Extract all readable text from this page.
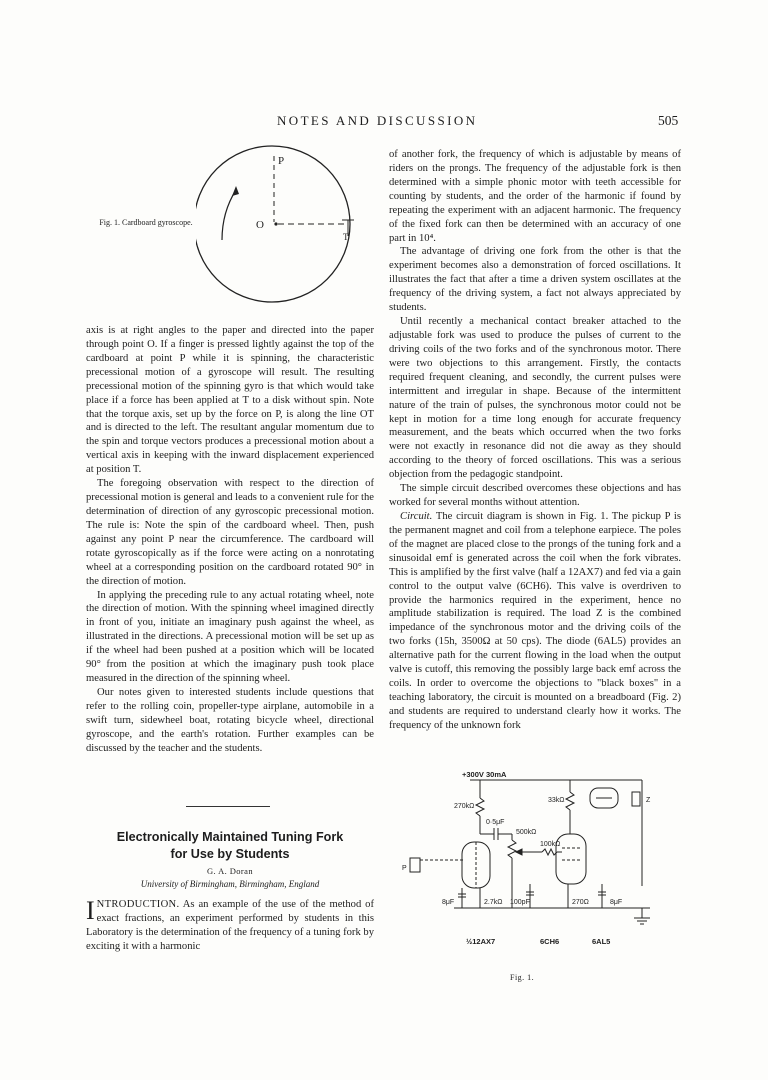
NOTES AND DISCUSSION	505
P
O
T
Fig. 1. Cardboard gyroscope.

axis is at right angles to the paper and directed into the paper through point O. If a finger is pressed lightly against the top of the cardboard at point P while it is spinning, the characteristic precessional motion of a gyroscope will result. The resulting precessional motion of the spinning gyro is that which would take place if a force has been applied at T to a disk without spin. Note that the torque axis, set up by the force on P, is along the line OT and is directed to the left. The resultant angular momentum due to the spin and torque vectors produces a precessional motion about a vertical axis in keeping with the inward displacement experienced at position T.

The foregoing observation with respect to the direction of precessional motion is general and leads to a convenient rule for the determination of direction of any gyroscopic precessional motion. The rule is: Note the spin of the cardboard wheel. Then, push against any point P near the circumference. The cardboard will rotate gyroscopically as if the force were acting on a nonrotating wheel at a corresponding position on the cardboard rotated 90° in the direction of motion.

In applying the preceding rule to any actual rotating wheel, note the direction of motion. With the spinning wheel imagined directly in front of you, initiate an imaginary push against the wheel, as illustrated in the directions. A precessional motion will be set up as if the wheel had been pushed at a position which will be located 90° from the position at which the imaginary push took place measured in the direction of the spinning wheel.

Our notes given to interested students include questions that refer to the rolling coin, propeller-type airplane, automobile in a swift turn, sidewheel boat, rotating bicycle wheel, directional gyroscope, and the earth's rotation. Further examples can be discussed by the teacher and the students.

Electronically Maintained Tuning Fork
for Use by Students
G. A. Doran
University of Birmingham, Birmingham, England

INTRODUCTION. As an example of the use of the method of exact fractions, an experiment performed by students in this Laboratory is the determination of the frequency of a tuning fork by exciting it with a harmonic

of another fork, the frequency of which is adjustable by means of riders on the prongs. The frequency of the adjustable fork is then determined with a simple phonic motor with teeth accessible for counting by students, and the order of the harmonic if found by repeating the experiment with an adjacent harmonic. The frequency of the fixed fork can then be determined with an accuracy of one part in 10⁴.

The advantage of driving one fork from the other is that the experiment becomes also a demonstration of forced oscillations. It illustrates the fact that after a time a driven system oscillates at the frequency of the driving system, a fact not always appreciated by students.

Until recently a mechanical contact breaker attached to the adjustable fork was used to produce the pulses of current to the driving coils of the two forks and of the synchronous motor. There were two objections to this arrangement. Firstly, the contacts required frequent cleaning, and secondly, the current pulses were intermittent and irregular in shape. Because of the intermittent nature of the train of pulses, the synchronous motor could not be kept in motion for a time long enough for accurate frequency measurement, and the beats which occurred when the two forks were not exactly in resonance did not die away as they should according to the theory of forced oscillations. This was a serious objection from the pedagogic standpoint.

The simple circuit described overcomes these objections and has worked for several months without attention.

Circuit. The circuit diagram is shown in Fig. 1. The pickup P is the permanent magnet and coil from a telephone earpiece. The poles of the magnet are placed close to the prongs of the tuning fork and a sinusoidal emf is generated across the coil when the fork vibrates. This is amplified by the first valve (half a 12AX7) and fed via a gain control to the output valve (6CH6). This valve is overdriven to provide the harmonics required in the experiment, hence no amplitude stabilization is required. The load Z is the combined impedance of the synchronous motor and the driving coils of the two forks (15h, 3500Ω at 50 cps). The diode (6AL5) provides an alternative path for the current flowing in the load when the output valve is cutoff, this removing the possibly large back emf across the coils. In order to overcome the objections to "black boxes" in a teaching laboratory, the circuit is mounted on a breadboard (Fig. 2) and students are required to understand clearly how it works. The frequency of the unknown fork

+300V 30mA
270kΩ
0·5μF
33kΩ	Z
500kΩ
100kΩ
P
8μF	2.7kΩ 100pF	270Ω	8μF
½12AX7	6CH6	6AL5
Fig. 1.
